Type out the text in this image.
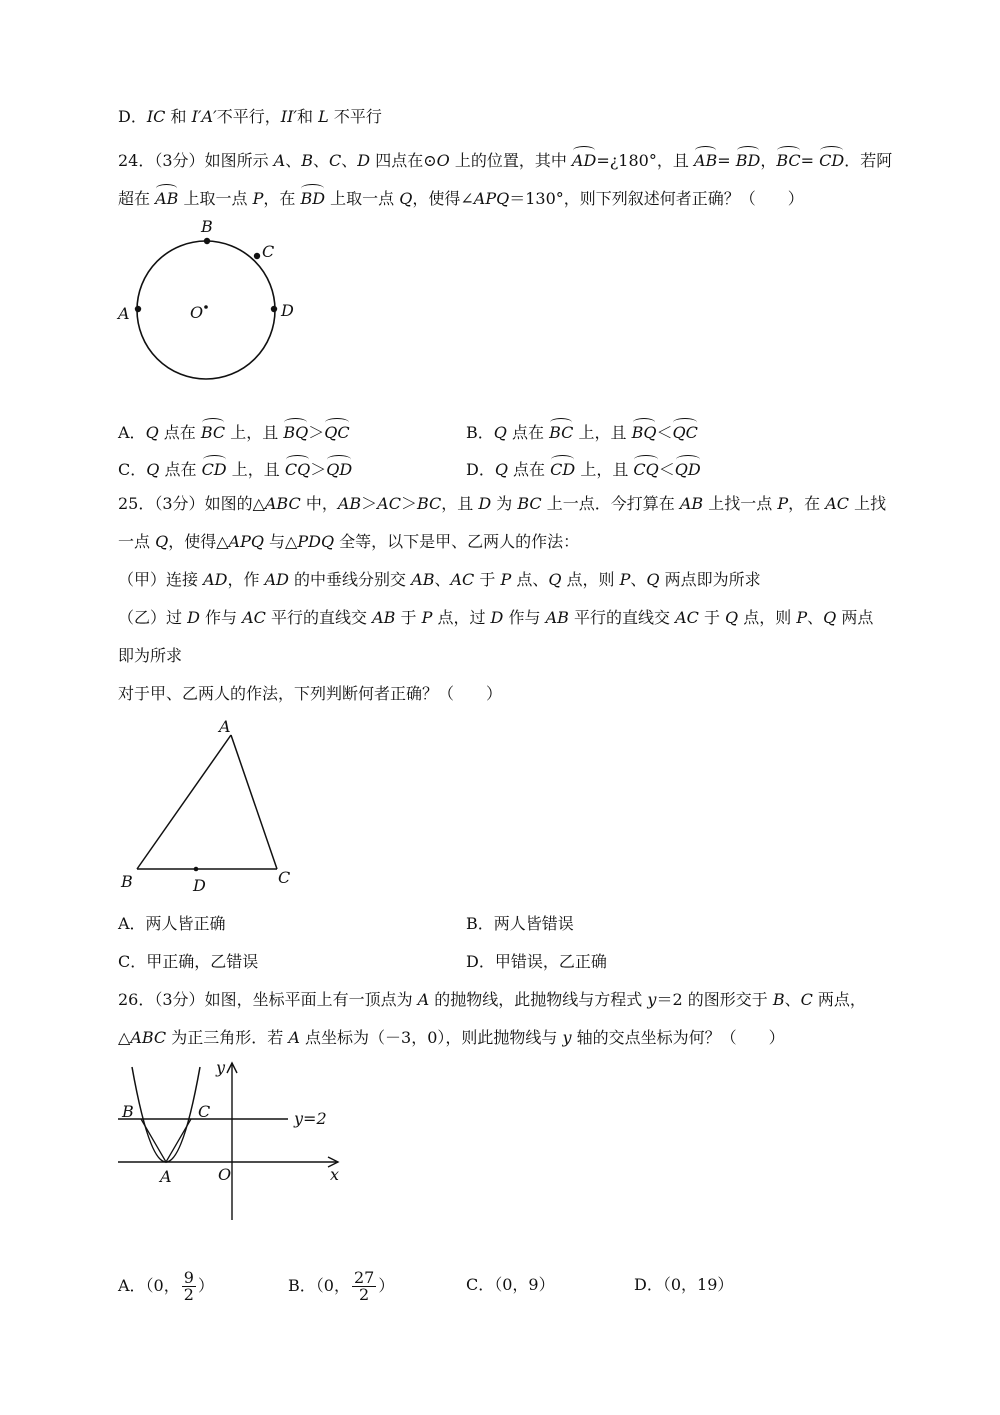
D．IC 和 I′A′不平行，II′和 L 不平行
24．（3分）如图所示 A、B、C、D 四点在⊙O 上的位置，其中 AD=¿180°，且 AB= BD，BC= CD．若阿
超在 AB 上取一点 P，在 BD 上取一点 Q，使得∠APQ＝130°，则下列叙述何者正确？（　　）
B
C
A	D
O
A．Q 点在 BC 上，且 BQ＞QC	B．Q 点在 BC 上，且 BQ＜QC
C．Q 点在 CD 上，且 CQ＞QD	D．Q 点在 CD 上，且 CQ＜QD
25．（3分）如图的△ABC 中，AB＞AC＞BC，且 D 为 BC 上一点．今打算在 AB 上找一点 P，在 AC 上找
一点 Q，使得△APQ 与△PDQ 全等，以下是甲、乙两人的作法：
（甲）连接 AD，作 AD 的中垂线分别交 AB、AC 于 P 点、Q 点，则 P、Q 两点即为所求
（乙）过 D 作与 AC 平行的直线交 AB 于 P 点，过 D 作与 AB 平行的直线交 AC 于 Q 点，则 P、Q 两点
即为所求
对于甲、乙两人的作法，下列判断何者正确？（　　）
A
B	C
D
A．两人皆正确	B．两人皆错误
C．甲正确，乙错误	D．甲错误，乙正确
26．（3分）如图，坐标平面上有一顶点为 A 的抛物线，此抛物线与方程式 y＝2 的图形交于 B、C 两点，
△ABC 为正三角形．若 A 点坐标为（－3，0），则此抛物线与 y 轴的交点坐标为何？（　　）
y
B	C	y=2
A	O	x
A．（0， $\frac{9}{2}$ ）	B．（0， $\frac{27}{2}$ ）	C．（0，9）	D．（0，19）
